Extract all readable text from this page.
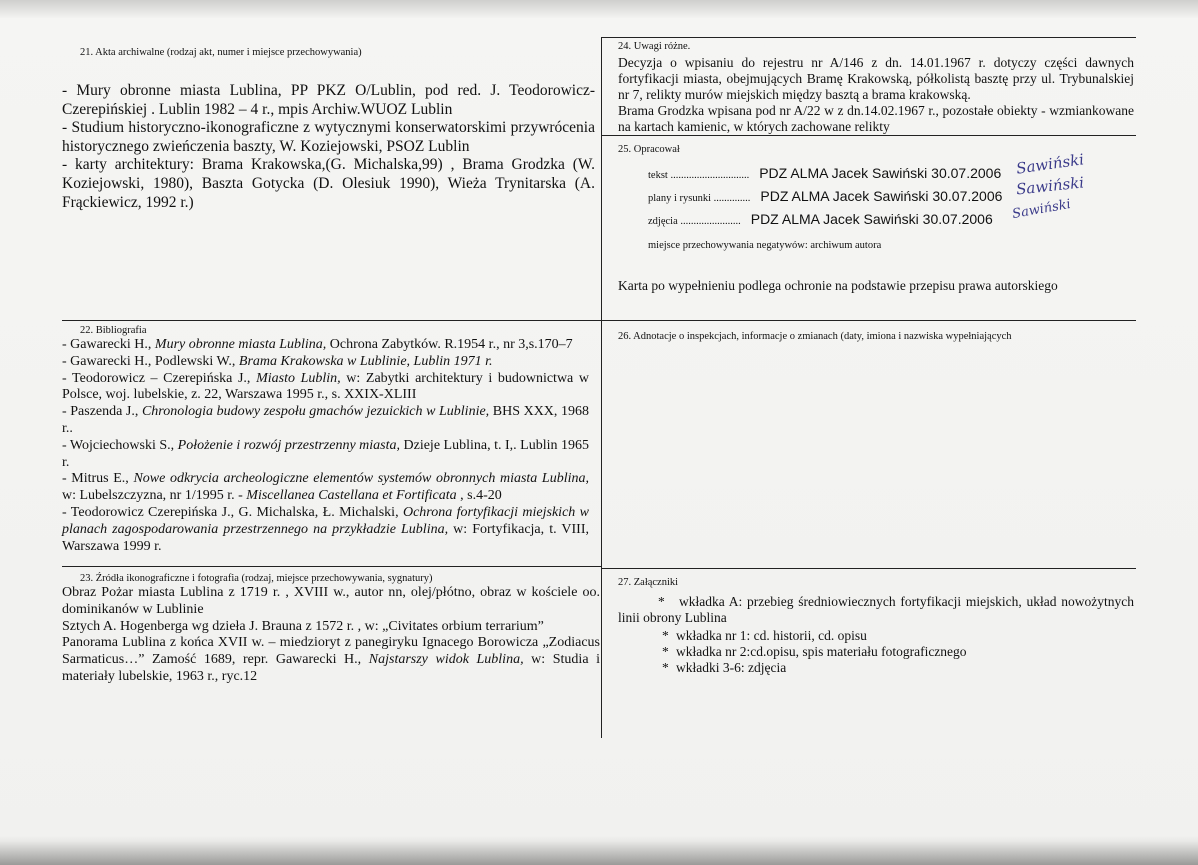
21. Akta archiwalne (rodzaj akt, numer i miejsce przechowywania)

- Mury obronne miasta Lublina, PP PKZ O/Lublin, pod red. J. Teodorowicz-Czerepińskiej . Lublin 1982 – 4 r., mpis Archiw.WUOZ Lublin

- Studium historyczno-ikonograficzne z wytycznymi konserwatorskimi przywrócenia historycznego zwieńczenia baszty, W. Koziejowski, PSOZ Lublin

- karty architektury: Brama Krakowska,(G. Michalska,99) , Brama Grodzka (W. Koziejowski, 1980), Baszta Gotycka (D. Olesiuk 1990), Wieża Trynitarska (A. Frąckiewicz, 1992 r.)

24. Uwagi różne.

Decyzja o wpisaniu do rejestru nr A/146 z dn. 14.01.1967 r. dotyczy części dawnych fortyfikacji miasta, obejmujących Bramę Krakowską, półkolistą basztę przy ul. Trybunalskiej nr 7, relikty murów miejskich między basztą a brama krakowską.

Brama Grodzka wpisana pod nr A/22 w z dn.14.02.1967 r., pozostałe obiekty - wzmiankowane na kartach kamienic, w których zachowane relikty

25. Opracował
tekst .............................. PDZ ALMA Jacek Sawiński 30.07.2006
plany i rysunki .............. PDZ ALMA Jacek Sawiński 30.07.2006
zdjęcia ....................... PDZ ALMA Jacek Sawiński 30.07.2006
miejsce przechowywania negatywów: archiwum autora
Karta po wypełnieniu podlega ochronie na podstawie przepisu prawa autorskiego
Sawiński
Sawiński
Sawiński
22. Bibliografia

- Gawarecki H., Mury obronne miasta Lublina, Ochrona Zabytków. R.1954 r., nr 3,s.170–7

- Gawarecki H., Podlewski W., Brama Krakowska w Lublinie, Lublin 1971 r.

- Teodorowicz – Czerepińska J., Miasto Lublin, w: Zabytki architektury i budownictwa w Polsce, woj. lubelskie, z. 22, Warszawa 1995 r., s. XXIX-XLIII

- Paszenda J., Chronologia budowy zespołu gmachów jezuickich w Lublinie, BHS XXX, 1968 r..

- Wojciechowski S., Położenie i rozwój przestrzenny miasta, Dzieje Lublina, t. I,. Lublin 1965 r.

- Mitrus E., Nowe odkrycia archeologiczne elementów systemów obronnych miasta Lublina, w: Lubelszczyzna, nr 1/1995 r. - Miscellanea Castellana et Fortificata , s.4-20

- Teodorowicz Czerepińska J., G. Michalska, Ł. Michalski, Ochrona fortyfikacji miejskich w planach zagospodarowania przestrzennego na przykładzie Lublina, w: Fortyfikacja, t. VIII, Warszawa 1999 r.

26. Adnotacje o inspekcjach, informacje o zmianach (daty, imiona i nazwiska wypełniających
23. Źródła ikonograficzne i fotografia (rodzaj, miejsce przechowywania, sygnatury)

Obraz Pożar miasta Lublina z 1719 r. , XVIII w., autor nn, olej/płótno, obraz w kościele oo. dominikanów w Lublinie

Sztych A. Hogenberga wg dzieła J. Brauna z 1572 r. , w: „Civitates orbium terrarium”

Panorama Lublina z końca XVII w. – miedzioryt z panegiryku Ignacego Borowicza „Zodiacus Sarmaticus…” Zamość 1689, repr. Gawarecki H., Najstarszy widok Lublina, w: Studia i materiały lubelskie, 1963 r., ryc.12

27. Załączniki

* wkładka A: przebieg średniowiecznych fortyfikacji miejskich, układ nowożytnych linii obrony Lublina

* wkładka nr 1: cd. historii, cd. opisu
* wkładka nr 2:cd.opisu, spis materiału fotograficznego
* wkładki 3-6: zdjęcia
